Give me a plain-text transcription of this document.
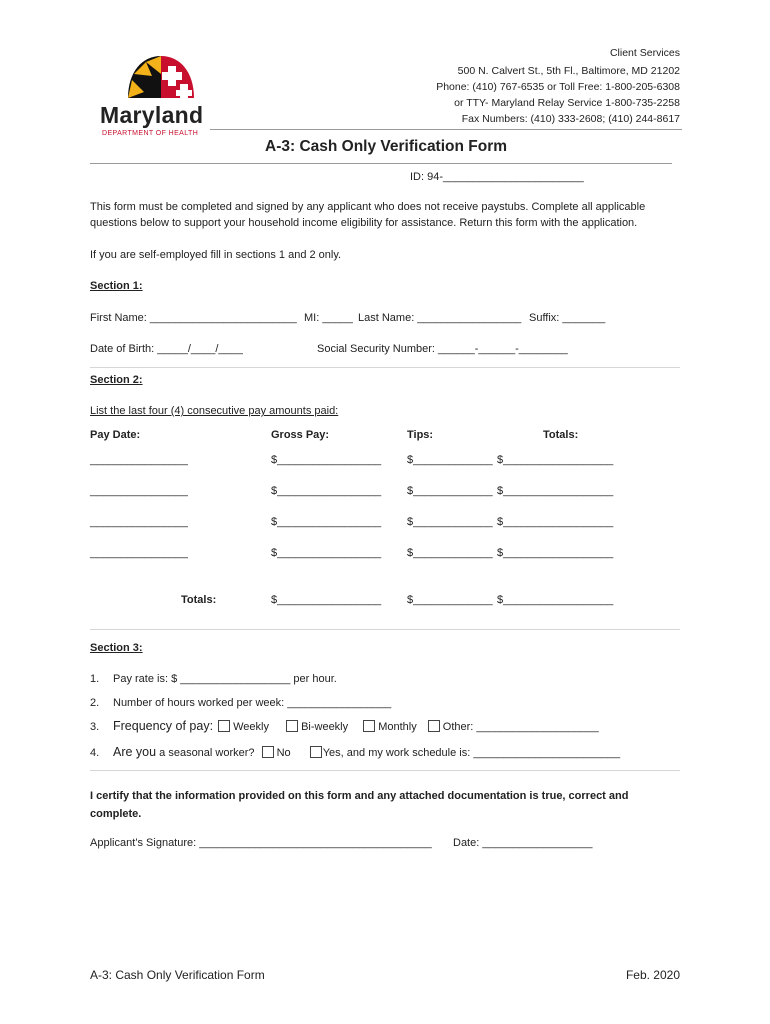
Maryland
DEPARTMENT OF HEALTH
Client Services
500 N. Calvert St., 5th Fl., Baltimore, MD 21202
Phone: (410) 767-6535 or Toll Free: 1-800-205-6308
or TTY- Maryland Relay Service 1-800-735-2258
Fax Numbers: (410) 333-2608; (410) 244-8617
A-3: Cash Only Verification Form
ID: 94-_______________________
This form must be completed and signed by any applicant who does not receive paystubs. Complete all applicable
questions below to support your household income eligibility for assistance. Return this form with the application.
If you are self-employed fill in sections 1 and 2 only.
Section 1:
First Name: ________________________ MI: _____ Last Name: _________________ Suffix: _______
Date of Birth: _____/____/____	Social Security Number: ______-______-________
Section 2:
List the last four (4) consecutive pay amounts paid:
Pay Date:	Gross Pay:	Tips:	Totals:
________________	$_________________ $_____________ $__________________
________________	$_________________ $_____________ $__________________
________________	$_________________ $_____________ $__________________
________________	$_________________ $_____________ $__________________
Totals:	$_________________ $_____________ $__________________
Section 3:
1. Pay rate is: $ __________________ per hour.
2. Number of hours worked per week: _________________
3. Frequency of pay: Weekly	Bi-weekly	Monthly Other: ____________________
4. Are you a seasonal worker? No	Yes, and my work schedule is: ________________________
I certify that the information provided on this form and any attached documentation is true, correct and
complete.
Applicant’s Signature: ______________________________________ Date: __________________
A-3: Cash Only Verification Form	Feb. 2020
